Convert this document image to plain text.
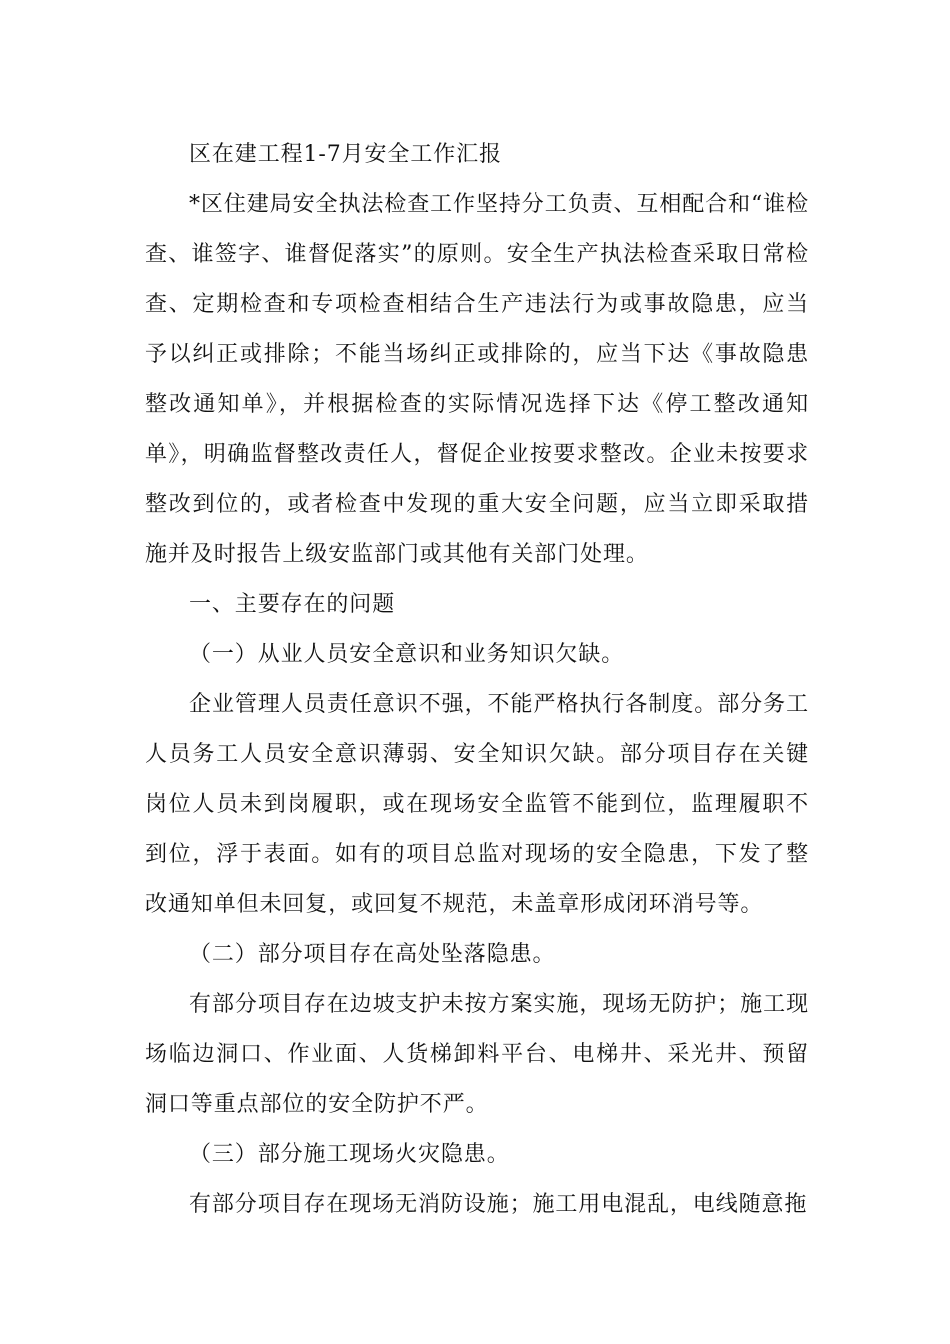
区在建工程1-7月安全工作汇报

*区住建局安全执法检查工作坚持分工负责、互相配合和“谁检查、谁签字、谁督促落实”的原则。安全生产执法检查采取日常检查、定期检查和专项检查相结合生产违法行为或事故隐患，应当予以纠正或排除；不能当场纠正或排除的，应当下达《事故隐患整改通知单》，并根据检查的实际情况选择下达《停工整改通知单》，明确监督整改责任人，督促企业按要求整改。企业未按要求整改到位的，或者检查中发现的重大安全问题，应当立即采取措施并及时报告上级安监部门或其他有关部门处理。

一、主要存在的问题

（一）从业人员安全意识和业务知识欠缺。

企业管理人员责任意识不强，不能严格执行各制度。部分务工人员务工人员安全意识薄弱、安全知识欠缺。部分项目存在关键岗位人员未到岗履职，或在现场安全监管不能到位，监理履职不到位，浮于表面。如有的项目总监对现场的安全隐患，下发了整改通知单但未回复，或回复不规范，未盖章形成闭环消号等。

（二）部分项目存在高处坠落隐患。

有部分项目存在边坡支护未按方案实施，现场无防护；施工现场临边洞口、作业面、人货梯卸料平台、电梯井、采光井、预留洞口等重点部位的安全防护不严。

（三）部分施工现场火灾隐患。

有部分项目存在现场无消防设施；施工用电混乱，电线随意拖
